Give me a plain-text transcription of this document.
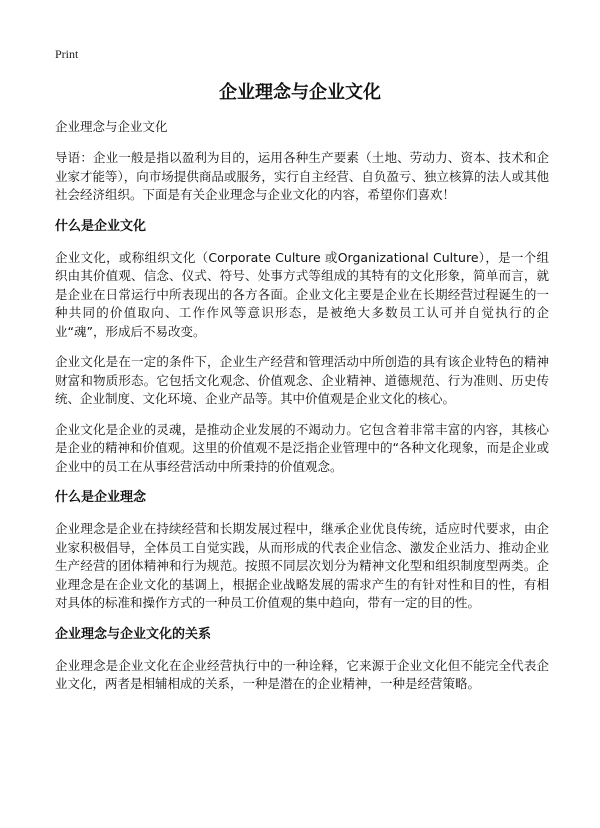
Print
企业理念与企业文化

企业理念与企业文化

导语：企业一般是指以盈利为目的，运用各种生产要素（土地、劳动力、资本、技术和企业家才能等），向市场提供商品或服务，实行自主经营、自负盈亏、独立核算的法人或其他社会经济组织。下面是有关企业理念与企业文化的内容，希望你们喜欢！

什么是企业文化

企业文化，或称组织文化（Corporate Culture 或Organizational Culture），是一个组织由其价值观、信念、仪式、符号、处事方式等组成的其特有的文化形象，简单而言，就是企业在日常运行中所表现出的各方各面。企业文化主要是企业在长期经营过程诞生的一种共同的价值取向、工作作风等意识形态，是被绝大多数员工认可并自觉执行的企业“魂”，形成后不易改变。

企业文化是在一定的条件下，企业生产经营和管理活动中所创造的具有该企业特色的精神财富和物质形态。它包括文化观念、价值观念、企业精神、道德规范、行为准则、历史传统、企业制度、文化环境、企业产品等。其中价值观是企业文化的核心。

企业文化是企业的灵魂，是推动企业发展的不竭动力。它包含着非常丰富的内容，其核心是企业的精神和价值观。这里的价值观不是泛指企业管理中的“各种文化现象，而是企业或企业中的员工在从事经营活动中所秉持的价值观念。

什么是企业理念

企业理念是企业在持续经营和长期发展过程中，继承企业优良传统，适应时代要求，由企业家积极倡导，全体员工自觉实践，从而形成的代表企业信念、激发企业活力、推动企业生产经营的团体精神和行为规范。按照不同层次划分为精神文化型和组织制度型两类。企业理念是在企业文化的基调上，根据企业战略发展的需求产生的有针对性和目的性，有相对具体的标准和操作方式的一种员工价值观的集中趋向，带有一定的目的性。

企业理念与企业文化的关系

企业理念是企业文化在企业经营执行中的一种诠释，它来源于企业文化但不能完全代表企业文化，两者是相辅相成的关系，一种是潜在的企业精神，一种是经营策略。
